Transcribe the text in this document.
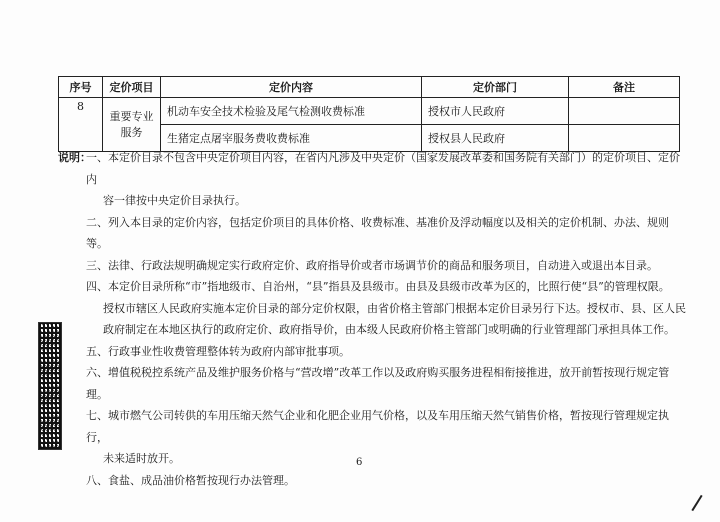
序号	定价项目	定价内容	定价部门	备注
8	重要专业服务	机动车安全技术检验及尾气检测收费标准	授权市人民政府	
		生猪定点屠宰服务费收费标准	授权县人民政府	
说明：

一、本定价目录不包含中央定价项目内容，在省内凡涉及中央定价（国家发展改革委和国务院有关部门）的定价项目、定价内
容一律按中央定价目录执行。

二、列入本目录的定价内容，包括定价项目的具体价格、收费标准、基准价及浮动幅度以及相关的定价机制、办法、规则等。

三、法律、行政法规明确规定实行政府定价、政府指导价或者市场调节价的商品和服务项目，自动进入或退出本目录。

四、本定价目录所称“市”指地级市、自治州，“县”指县及县级市。由县及县级市改革为区的，比照行使“县”的管理权限。
授权市辖区人民政府实施本定价目录的部分定价权限，由省价格主管部门根据本定价目录另行下达。授权市、县、区人民政府制定在本地区执行的政府定价、政府指导价，由本级人民政府价格主管部门或明确的行业管理部门承担具体工作。

五、行政事业性收费管理整体转为政府内部审批事项。

六、增值税税控系统产品及维护服务价格与“营改增”改革工作以及政府购买服务进程相衔接推进，放开前暂按现行规定管理。

七、城市燃气公司转供的车用压缩天然气企业和化肥企业用气价格，以及车用压缩天然气销售价格，暂按现行管理规定执行，
未来适时放开。

八、食盐、成品油价格暂按现行办法管理。

6
